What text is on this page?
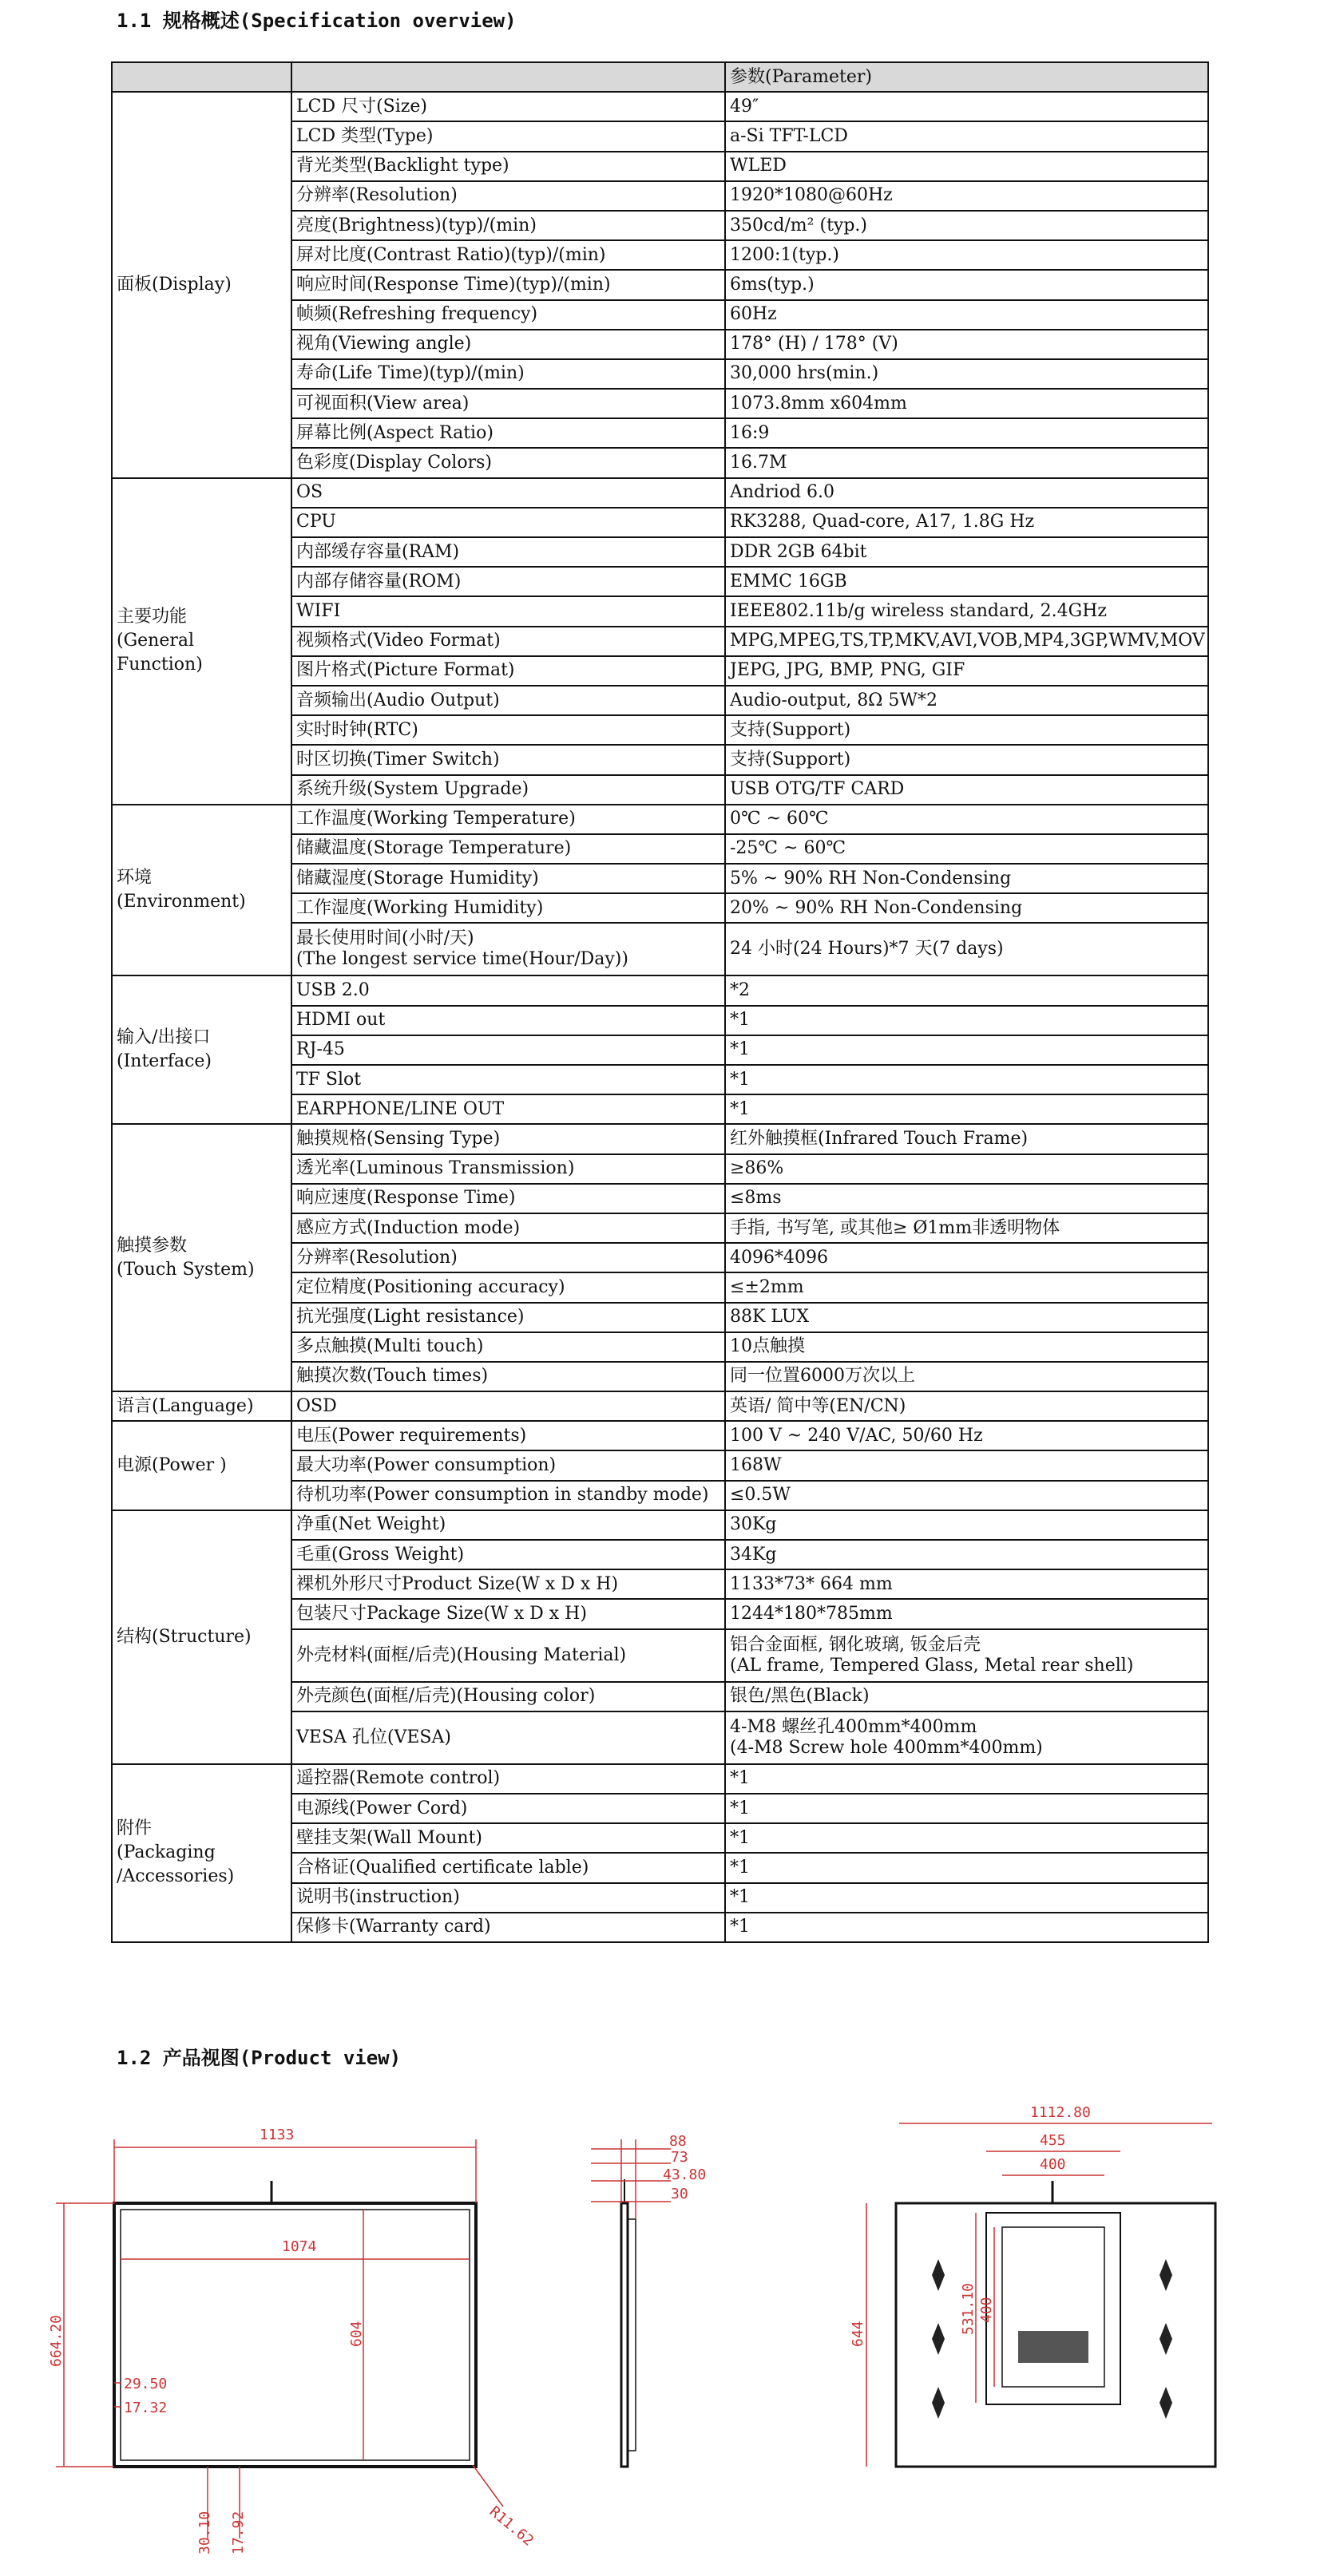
1.1 规格概述(Specification overview)
		参数(Parameter)
面板(Display)	LCD 尺寸(Size)	49″
	LCD 类型(Type)	a-Si TFT-LCD
	背光类型(Backlight type)	WLED
	分辨率(Resolution)	1920*1080@60Hz
	亮度(Brightness)(typ)/(min)	350cd/m² (typ.)
	屏对比度(Contrast Ratio)(typ)/(min)	1200:1(typ.)
	响应时间(Response Time)(typ)/(min)	6ms(typ.)
	帧频(Refreshing frequency)	60Hz
	视角(Viewing angle)	178° (H) / 178° (V)
	寿命(Life Time)(typ)/(min)	30,000 hrs(min.)
	可视面积(View area)	1073.8mm x604mm
	屏幕比例(Aspect Ratio)	16:9
	色彩度(Display Colors)	16.7M
主要功能
(General
Function)	OS	Andriod 6.0
	CPU	RK3288, Quad-core, A17, 1.8G Hz
	内部缓存容量(RAM)	DDR 2GB 64bit
	内部存储容量(ROM)	EMMC 16GB
	WIFI	IEEE802.11b/g wireless standard, 2.4GHz
	视频格式(Video Format)	MPG,MPEG,TS,TP,MKV,AVI,VOB,MP4,3GP,WMV,MOV
	图片格式(Picture Format)	JEPG, JPG, BMP, PNG, GIF
	音频输出(Audio Output)	Audio-output, 8Ω 5W*2
	实时时钟(RTC)	支持(Support)
	时区切换(Timer Switch)	支持(Support)
	系统升级(System Upgrade)	USB OTG/TF CARD
环境
(Environment)	工作温度(Working Temperature)	0℃ ~ 60℃
	储藏温度(Storage Temperature)	-25℃ ~ 60℃
	储藏湿度(Storage Humidity)	5% ~ 90% RH Non-Condensing
	工作湿度(Working Humidity)	20% ~ 90% RH Non-Condensing
	最长使用时间(小时/天)
(The longest service time(Hour/Day))	24 小时(24 Hours)*7 天(7 days)
输入/出接口
(Interface)	USB 2.0	*2
	HDMI out	*1
	RJ-45	*1
	TF Slot	*1
	EARPHONE/LINE OUT	*1
触摸参数
(Touch System)	触摸规格(Sensing Type)	红外触摸框(Infrared Touch Frame)
	透光率(Luminous Transmission)	≥86%
	响应速度(Response Time)	≤8ms
	感应方式(Induction mode)	手指, 书写笔, 或其他≥ Ø1mm非透明物体
	分辨率(Resolution)	4096*4096
	定位精度(Positioning accuracy)	≤±2mm
	抗光强度(Light resistance)	88K LUX
	多点触摸(Multi touch)	10点触摸
	触摸次数(Touch times)	同一位置6000万次以上
语言(Language)	OSD	英语/ 简中等(EN/CN)
电源(Power )	电压(Power requirements)	100 V ~ 240 V/AC, 50/60 Hz
	最大功率(Power consumption)	168W
	待机功率(Power consumption in standby mode)	≤0.5W
结构(Structure)	净重(Net Weight)	30Kg
	毛重(Gross Weight)	34Kg
	裸机外形尺寸Product Size(W x D x H)	1133*73* 664 mm
	包装尺寸Package Size(W x D x H)	1244*180*785mm
	外壳材料(面框/后壳)(Housing Material)	铝合金面框, 钢化玻璃, 钣金后壳
(AL frame, Tempered Glass, Metal rear shell)
	外壳颜色(面框/后壳)(Housing color)	银色/黑色(Black)
	VESA 孔位(VESA)	4-M8 螺丝孔400mm*400mm
(4-M8 Screw hole 400mm*400mm)
附件
(Packaging
/Accessories)	遥控器(Remote control)	*1
	电源线(Power Cord)	*1
	壁挂支架(Wall Mount)	*1
	合格证(Qualified certificate lable)	*1
	说明书(instruction)	*1
	保修卡(Warranty card)	*1
1.2 产品视图(Product view)
1133
1074
664.20	604
29.50
17.32
30.10 17.92	R11.62
88
73
43.80
30
1112.80
455
400
644	531.10 400
